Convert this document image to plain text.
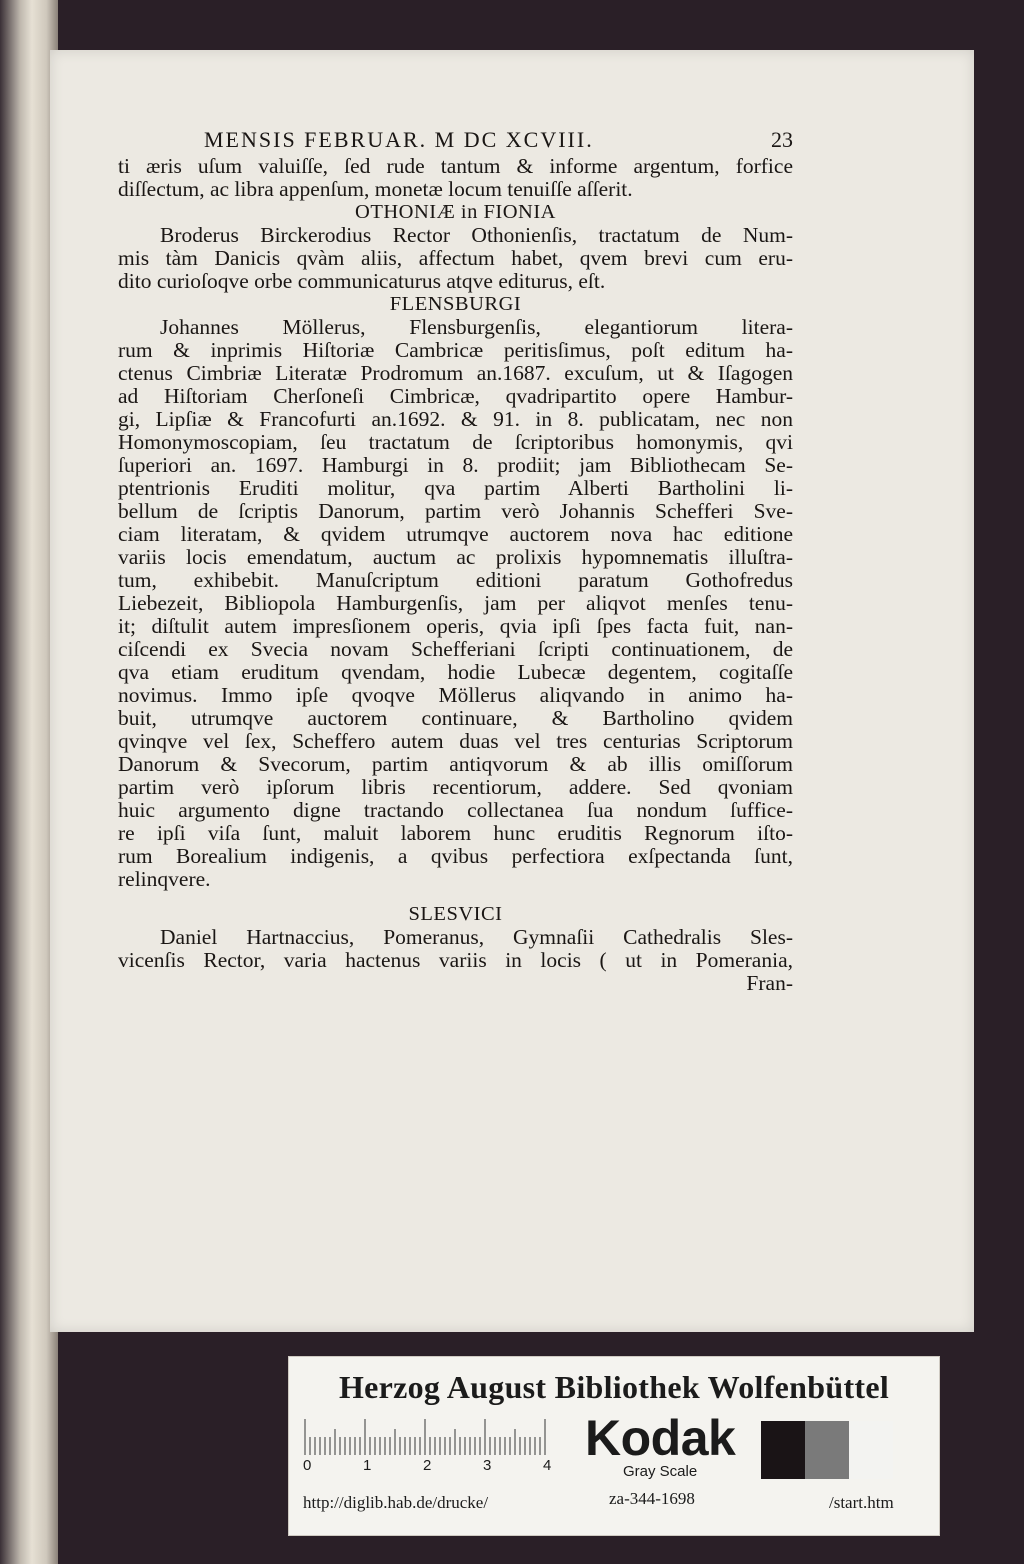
MENSIS FEBRUAR. M DC XCVIII.	23
ti æris uſum valuiſſe, ſed rude tantum & informe argentum, forfice
diſſectum, ac libra appenſum, monetæ locum tenuiſſe aſſerit.
OTHONIÆ in FIONIA
Broderus Birckerodius Rector Othonienſis, tractatum de Num-
mis tàm Danicis qvàm aliis, affectum habet, qvem brevi cum eru-
dito curioſoqve orbe communicaturus atqve editurus, eſt.
FLENSBURGI
Johannes Möllerus, Flensburgenſis, elegantiorum litera-
rum & inprimis Hiſtoriæ Cambricæ peritisſimus, poſt editum ha-
ctenus Cimbriæ Literatæ Prodromum an.1687. excuſum, ut & Iſagogen
ad Hiſtoriam Cherſoneſi Cimbricæ, qvadripartito opere Hambur-
gi, Lipſiæ & Francofurti an.1692. & 91. in 8. publicatam, nec non
Homonymoscopiam, ſeu tractatum de ſcriptoribus homonymis, qvi
ſuperiori an. 1697. Hamburgi in 8. prodiit; jam Bibliothecam Se-
ptentrionis Eruditi molitur, qva partim Alberti Bartholini li-
bellum de ſcriptis Danorum, partim verò Johannis Schefferi Sve-
ciam literatam, & qvidem utrumqve auctorem nova hac editione
variis locis emendatum, auctum ac prolixis hypomnematis illuſtra-
tum, exhibebit. Manuſcriptum editioni paratum Gothofredus
Liebezeit, Bibliopola Hamburgenſis, jam per aliqvot menſes tenu-
it; diſtulit autem impresſionem operis, qvia ipſi ſpes facta fuit, nan-
ciſcendi ex Svecia novam Schefferiani ſcripti continuationem, de
qva etiam eruditum qvendam, hodie Lubecæ degentem, cogitaſſe
novimus. Immo ipſe qvoqve Möllerus aliqvando in animo ha-
buit, utrumqve auctorem continuare, & Bartholino qvidem
qvinqve vel ſex, Scheffero autem duas vel tres centurias Scriptorum
Danorum & Svecorum, partim antiqvorum & ab illis omiſſorum
partim verò ipſorum libris recentiorum, addere. Sed qvoniam
huic argumento digne tractando collectanea ſua nondum ſuffice-
re ipſi viſa ſunt, maluit laborem hunc eruditis Regnorum iſto-
rum Borealium indigenis, a qvibus perfectiora exſpectanda ſunt,
relinqvere.
SLESVICI
Daniel Hartnaccius, Pomeranus, Gymnaſii Cathedralis Sles-
vicenſis Rector, varia hactenus variis in locis ( ut in Pomerania,
Fran-
Herzog August Bibliothek Wolfenbüttel
0	1	2	3	4 Kodak
Gray Scale
http://diglib.hab.de/drucke/	za-344-1698	/start.htm
